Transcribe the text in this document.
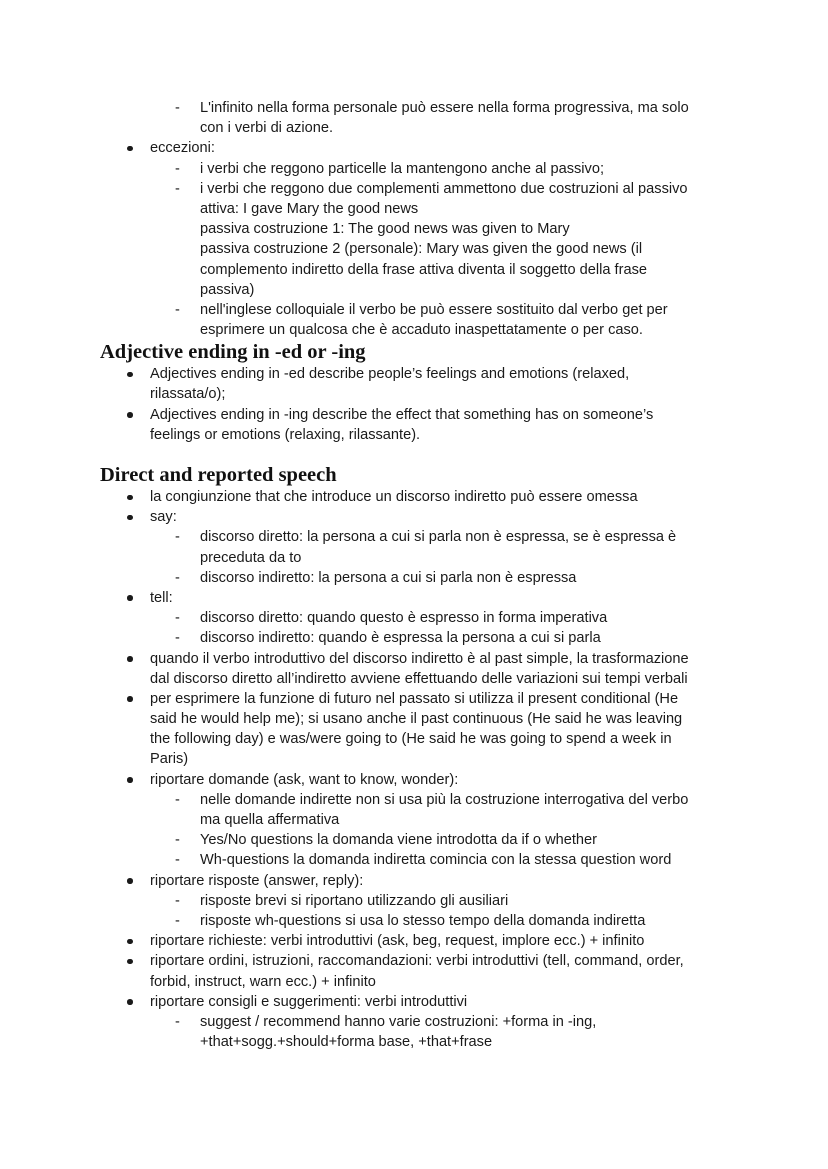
- L'infinito nella forma personale può essere nella forma progressiva, ma solo
con i verbi di azione.
eccezioni:
- i verbi che reggono particelle la mantengono anche al passivo;
- i verbi che reggono due complementi ammettono due costruzioni al passivo
attiva: I gave Mary the good news
passiva costruzione 1: The good news was given to Mary
passiva costruzione 2 (personale): Mary was given the good news (il
complemento indiretto della frase attiva diventa il soggetto della frase
passiva)
- nell'inglese colloquiale il verbo be può essere sostituito dal verbo get per
esprimere un qualcosa che è accaduto inaspettatamente o per caso.
Adjective ending in -ed or -ing
Adjectives ending in -ed describe people’s feelings and emotions (relaxed,
rilassata/o);
Adjectives ending in -ing describe the effect that something has on someone’s
feelings or emotions (relaxing, rilassante).
Direct and reported speech
la congiunzione that che introduce un discorso indiretto può essere omessa
say:
- discorso diretto: la persona a cui si parla non è espressa, se è espressa è
preceduta da to
- discorso indiretto: la persona a cui si parla non è espressa
tell:
- discorso diretto: quando questo è espresso in forma imperativa
- discorso indiretto: quando è espressa la persona a cui si parla
quando il verbo introduttivo del discorso indiretto è al past simple, la trasformazione
dal discorso diretto all’indiretto avviene effettuando delle variazioni sui tempi verbali
per esprimere la funzione di futuro nel passato si utilizza il present conditional (He
said he would help me); si usano anche il past continuous (He said he was leaving
the following day) e was/were going to (He said he was going to spend a week in
Paris)
riportare domande (ask, want to know, wonder):
- nelle domande indirette non si usa più la costruzione interrogativa del verbo
ma quella affermativa
- Yes/No questions la domanda viene introdotta da if o whether
- Wh-questions la domanda indiretta comincia con la stessa question word
riportare risposte (answer, reply):
- risposte brevi si riportano utilizzando gli ausiliari
- risposte wh-questions si usa lo stesso tempo della domanda indiretta
riportare richieste: verbi introduttivi (ask, beg, request, implore ecc.) + infinito
riportare ordini, istruzioni, raccomandazioni: verbi introduttivi (tell, command, order,
forbid, instruct, warn ecc.) + infinito
riportare consigli e suggerimenti: verbi introduttivi
- suggest / recommend hanno varie costruzioni: +forma in -ing,
+that+sogg.+should+forma base, +that+frase
